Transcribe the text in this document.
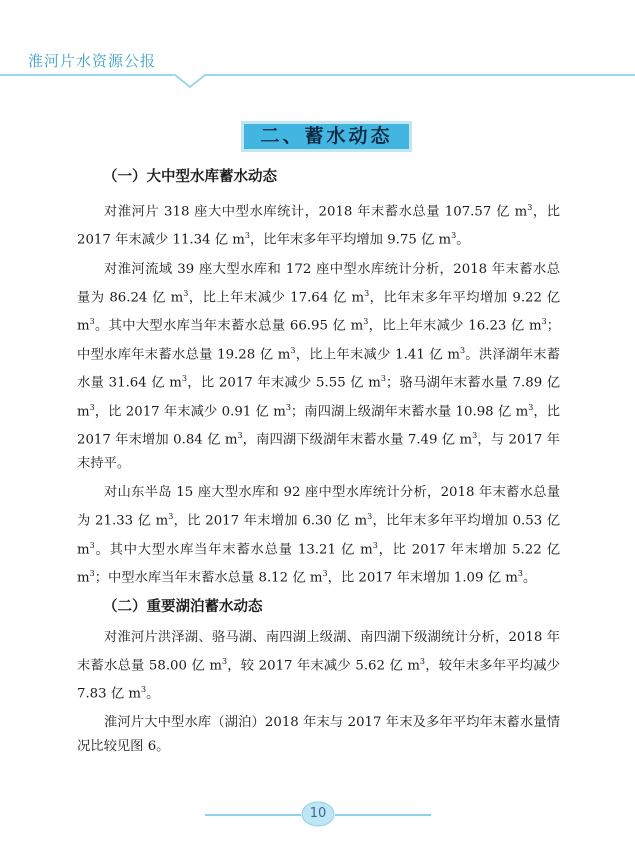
淮河片水资源公报
二、蓄水动态
（一）大中型水库蓄水动态

对淮河片 318 座大中型水库统计，2018 年末蓄水总量 107.57 亿 $m^3$，比 2017 年末减少 11.34 亿 $m^3$，比年末多年平均增加 9.75 亿 $m^3$。

对淮河流域 39 座大型水库和 172 座中型水库统计分析，2018 年末蓄水总量为 86.24 亿 $m^3$，比上年末减少 17.64 亿 $m^3$，比年末多年平均增加 9.22 亿 $m^3$。其中大型水库当年末蓄水总量 66.95 亿 $m^3$，比上年末减少 16.23 亿 $m^3$；中型水库年末蓄水总量 19.28 亿 $m^3$，比上年末减少 1.41 亿 $m^3$。洪泽湖年末蓄水量 31.64 亿 $m^3$，比 2017 年末减少 5.55 亿 $m^3$；骆马湖年末蓄水量 7.89 亿 $m^3$，比 2017 年末减少 0.91 亿 $m^3$；南四湖上级湖年末蓄水量 10.98 亿 $m^3$，比 2017 年末增加 0.84 亿 $m^3$，南四湖下级湖年末蓄水量 7.49 亿 $m^3$，与 2017 年末持平。

对山东半岛 15 座大型水库和 92 座中型水库统计分析，2018 年末蓄水总量为 21.33 亿 $m^3$，比 2017 年末增加 6.30 亿 $m^3$，比年末多年平均增加 0.53 亿 $m^3$。其中大型水库当年末蓄水总量 13.21 亿 $m^3$，比 2017 年末增加 5.22 亿 $m^3$；中型水库当年末蓄水总量 8.12 亿 $m^3$，比 2017 年末增加 1.09 亿 $m^3$。

（二）重要湖泊蓄水动态

对淮河片洪泽湖、骆马湖、南四湖上级湖、南四湖下级湖统计分析，2018 年末蓄水总量 58.00 亿 $m^3$，较 2017 年末减少 5.62 亿 $m^3$，较年末多年平均减少 7.83 亿 $m^3$。

淮河片大中型水库（湖泊）2018 年末与 2017 年末及多年平均年末蓄水量情况比较见图 6。

10
